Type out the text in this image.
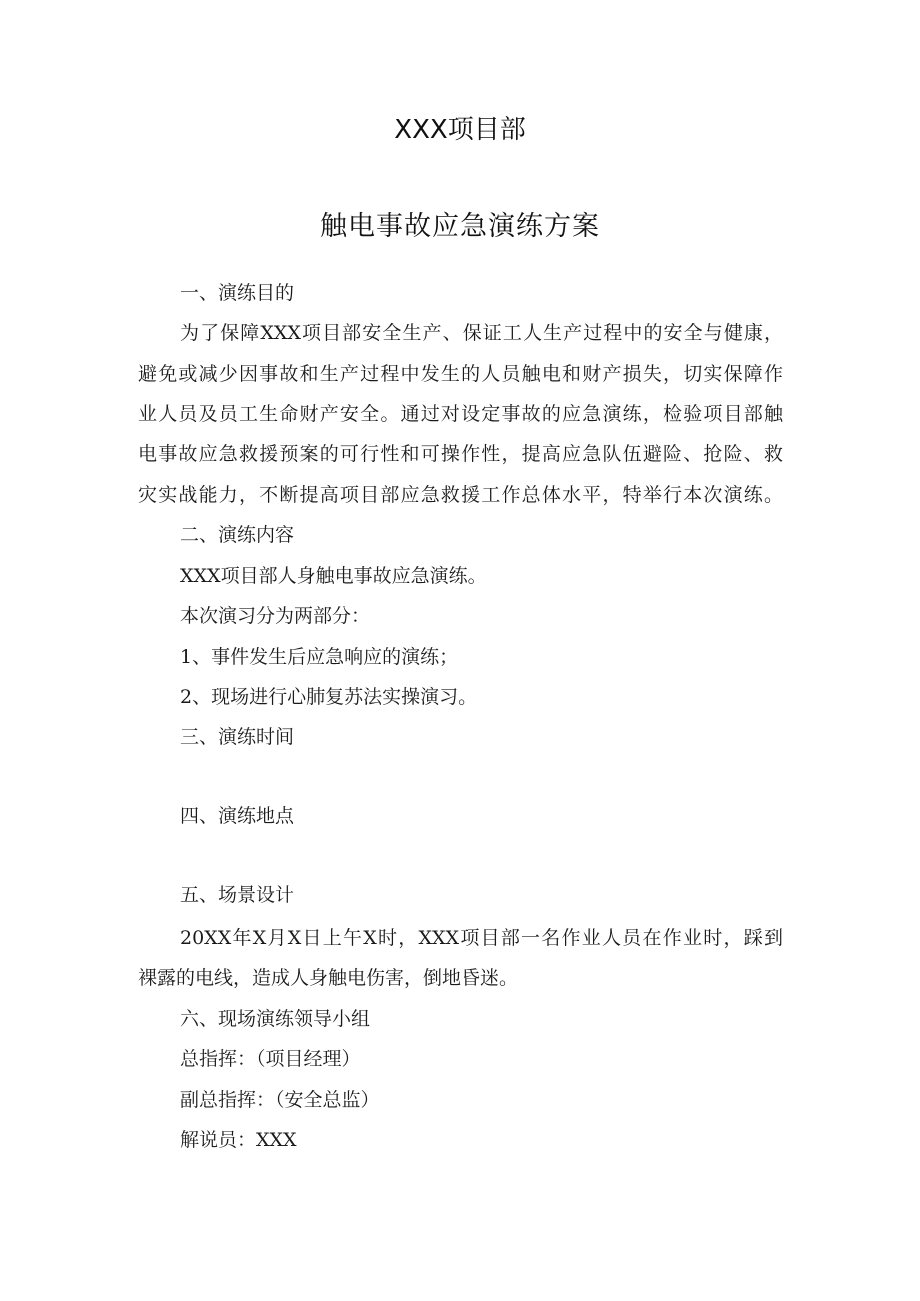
XXX项目部
触电事故应急演练方案
一、演练目的
为了保障XXX项目部安全生产、保证工人生产过程中的安全与健康，
避免或减少因事故和生产过程中发生的人员触电和财产损失，切实保障作
业人员及员工生命财产安全。通过对设定事故的应急演练，检验项目部触
电事故应急救援预案的可行性和可操作性，提高应急队伍避险、抢险、救
灾实战能力，不断提高项目部应急救援工作总体水平，特举行本次演练。
二、演练内容
XXX项目部人身触电事故应急演练。
本次演习分为两部分：
1、事件发生后应急响应的演练；
2、现场进行心肺复苏法实操演习。
三、演练时间
四、演练地点
五、场景设计
20XX年X月X日上午X时，XXX项目部一名作业人员在作业时，踩到
裸露的电线，造成人身触电伤害，倒地昏迷。
六、现场演练领导小组
总指挥：（项目经理）
副总指挥：（安全总监）
解说员：XXX
